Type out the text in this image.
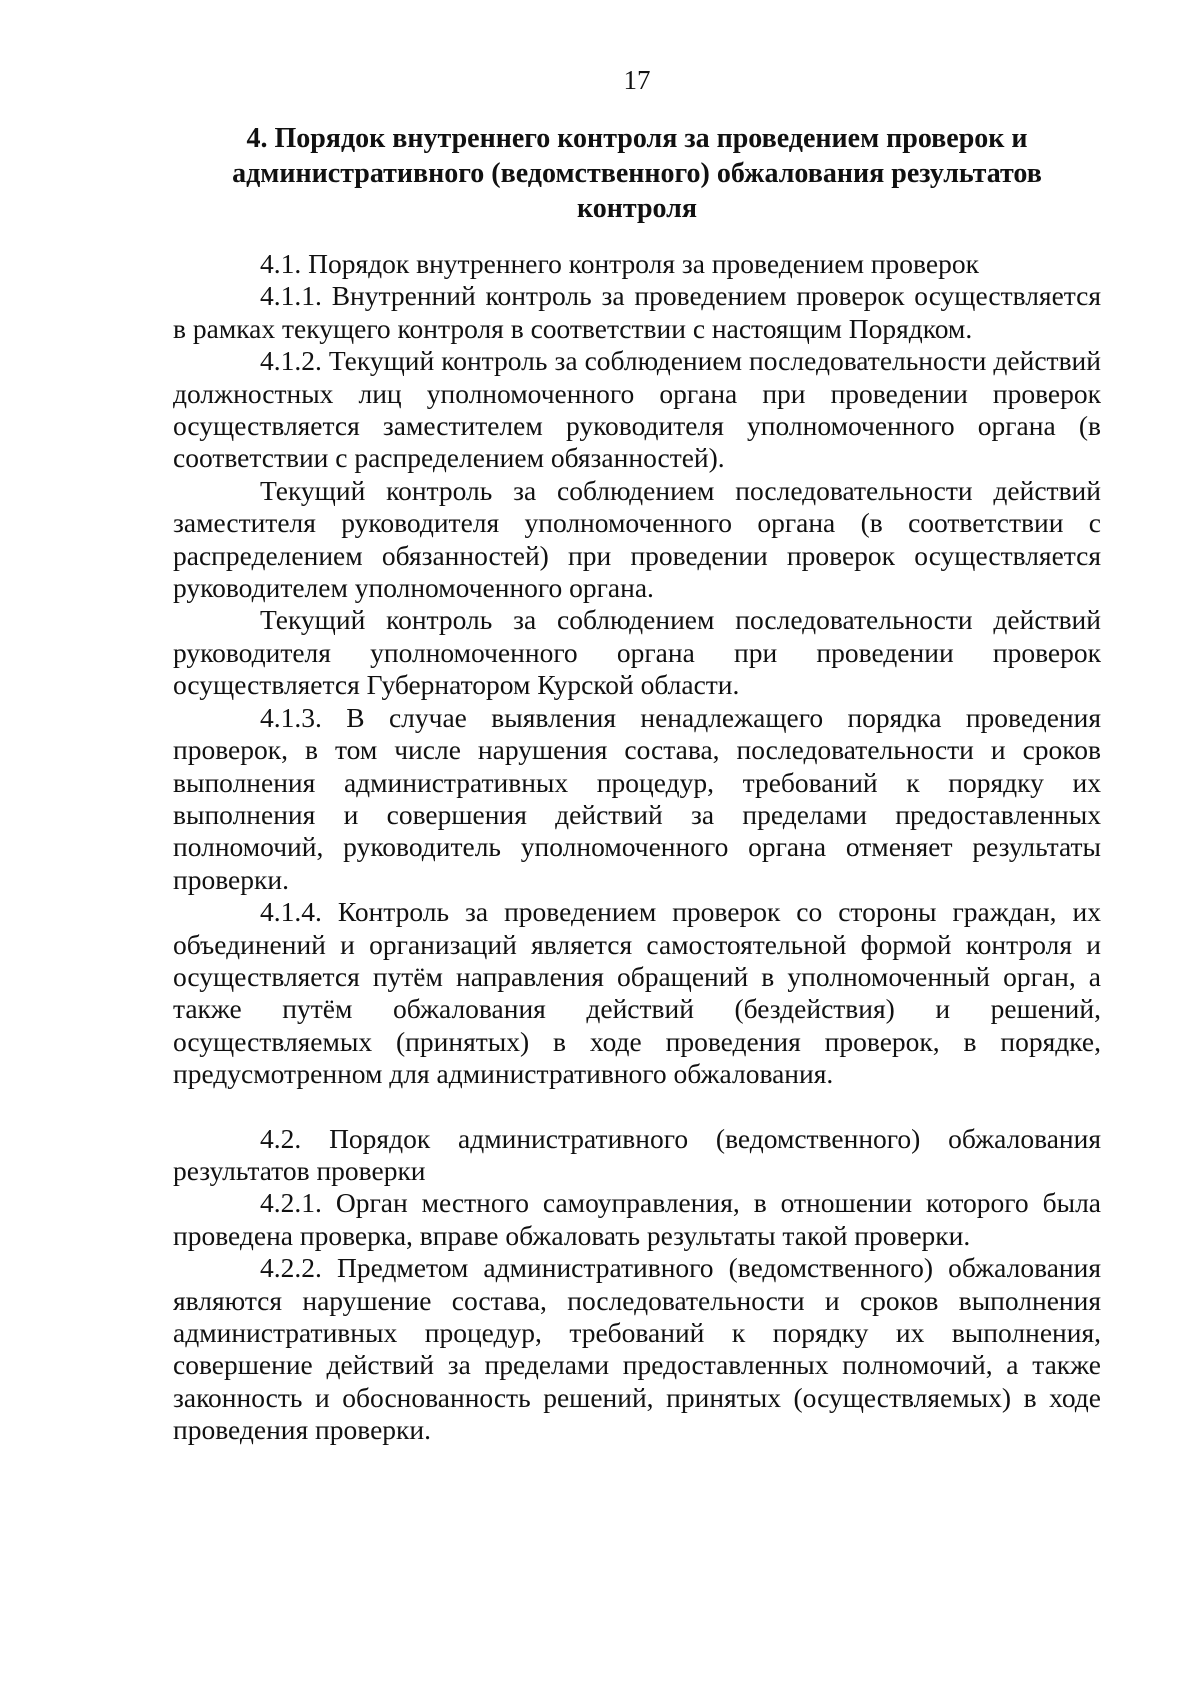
17
4. Порядок внутреннего контроля за проведением проверок и
административного (ведомственного) обжалования результатов
контроля

4.1. Порядок внутреннего контроля за проведением проверок

4.1.1. Внутренний контроль за проведением проверок осуществляется в рамках текущего контроля в соответствии с настоящим Порядком.

4.1.2. Текущий контроль за соблюдением последовательности действий должностных лиц уполномоченного органа при проведении проверок осуществляется заместителем руководителя уполномоченного органа (в соответствии с распределением обязанностей).

Текущий контроль за соблюдением последовательности действий заместителя руководителя уполномоченного органа (в соответствии с распределением обязанностей) при проведении проверок осуществляется руководителем уполномоченного органа.

Текущий контроль за соблюдением последовательности действий руководителя уполномоченного органа при проведении проверок осуществляется Губернатором Курской области.

4.1.3. В случае выявления ненадлежащего порядка проведения проверок, в том числе нарушения состава, последовательности и сроков выполнения административных процедур, требований к порядку их выполнения и совершения действий за пределами предоставленных полномочий, руководитель уполномоченного органа отменяет результаты проверки.

4.1.4. Контроль за проведением проверок со стороны граждан, их объединений и организаций является самостоятельной формой контроля и осуществляется путём направления обращений в уполномоченный орган, а также путём обжалования действий (бездействия) и решений, осуществляемых (принятых) в ходе проведения проверок, в порядке, предусмотренном для административного обжалования.

4.2. Порядок административного (ведомственного) обжалования результатов проверки

4.2.1. Орган местного самоуправления, в отношении которого была проведена проверка, вправе обжаловать результаты такой проверки.

4.2.2. Предметом административного (ведомственного) обжалования являются нарушение состава, последовательности и сроков выполнения административных процедур, требований к порядку их выполнения, совершение действий за пределами предоставленных полномочий, а также законность и обоснованность решений, принятых (осуществляемых) в ходе проведения проверки.
